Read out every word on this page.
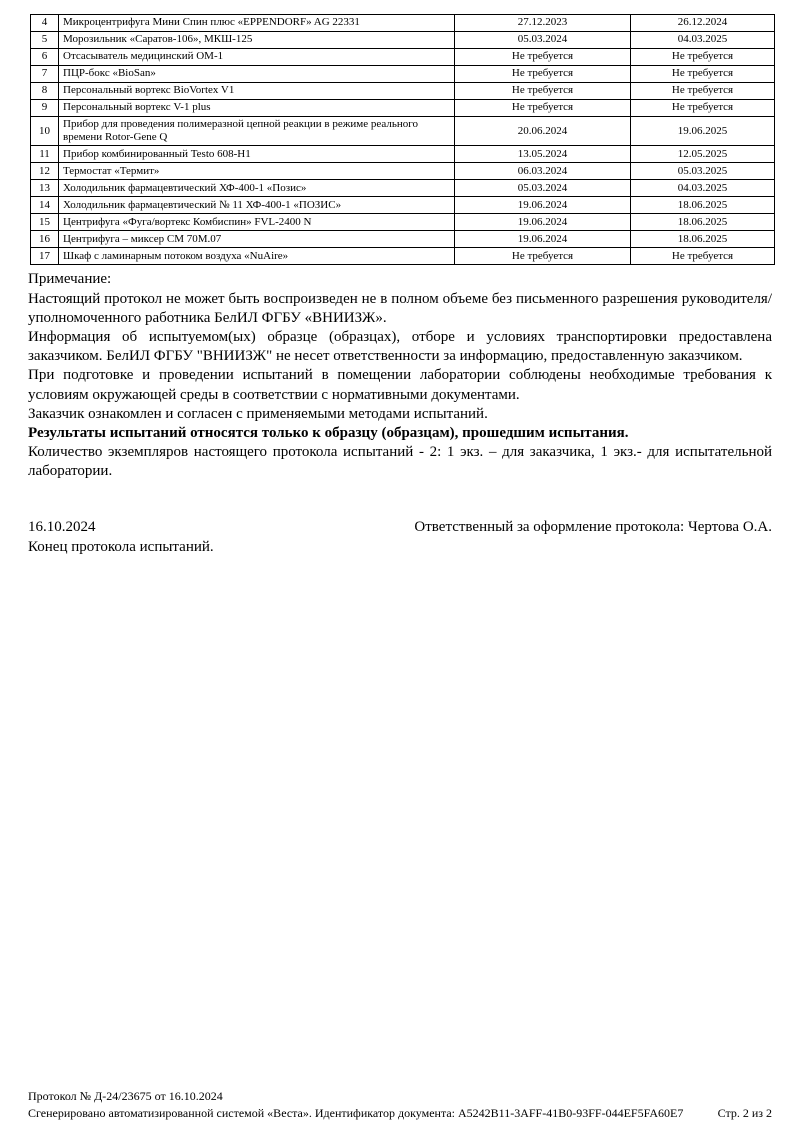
4	Микроцентрифуга Мини Спин плюс «EPPENDORF» AG 22331	27.12.2023	26.12.2024
5	Морозильник «Саратов-106», МКШ-125	05.03.2024	04.03.2025
6	Отсасыватель медицинский ОМ-1	Не требуется	Не требуется
7	ПЦР-бокс «BioSan»	Не требуется	Не требуется
8	Персональный вортекс BioVortex V1	Не требуется	Не требуется
9	Персональный вортекс V-1 plus	Не требуется	Не требуется
10	Прибор для проведения полимеразной цепной реакции в режиме реального времени Rotor-Gene Q	20.06.2024	19.06.2025
11	Прибор комбинированный Testo 608-Н1	13.05.2024	12.05.2025
12	Термостат «Термит»	06.03.2024	05.03.2025
13	Холодильник фармацевтический ХФ-400-1 «Позис»	05.03.2024	04.03.2025
14	Холодильник фармацевтический № 11 ХФ-400-1 «ПОЗИС»	19.06.2024	18.06.2025
15	Центрифуга «Фуга/вортекс Комбиспин» FVL-2400 N	19.06.2024	18.06.2025
16	Центрифуга – миксер СМ 70М.07	19.06.2024	18.06.2025
17	Шкаф с ламинарным потоком воздуха «NuAire»	Не требуется	Не требуется
Примечание:

Настоящий протокол не может быть воспроизведен не в полном объеме без письменного разрешения руководителя/уполномоченного работника БелИЛ ФГБУ «ВНИИЗЖ».

Информация об испытуемом(ых) образце (образцах), отборе и условиях транспортировки предоставлена заказчиком. БелИЛ ФГБУ "ВНИИЗЖ" не несет ответственности за информацию, предоставленную заказчиком.

При подготовке и проведении испытаний в помещении лаборатории соблюдены необходимые требования к условиям окружающей среды в соответствии с нормативными документами.

Заказчик ознакомлен и согласен с применяемыми методами испытаний.

Результаты испытаний относятся только к образцу (образцам), прошедшим испытания.

Количество экземпляров настоящего протокола испытаний - 2: 1 экз. – для заказчика, 1 экз.- для испытательной лаборатории.

16.10.2024	Ответственный за оформление протокола: Чертова О.А.
Конец протокола испытаний.
Протокол № Д-24/23675 от 16.10.2024
Сгенерировано автоматизированной системой «Веста». Идентификатор документа: A5242B11-3AFF-41B0-93FF-044EF5FA60E7	Стр. 2 из 2
